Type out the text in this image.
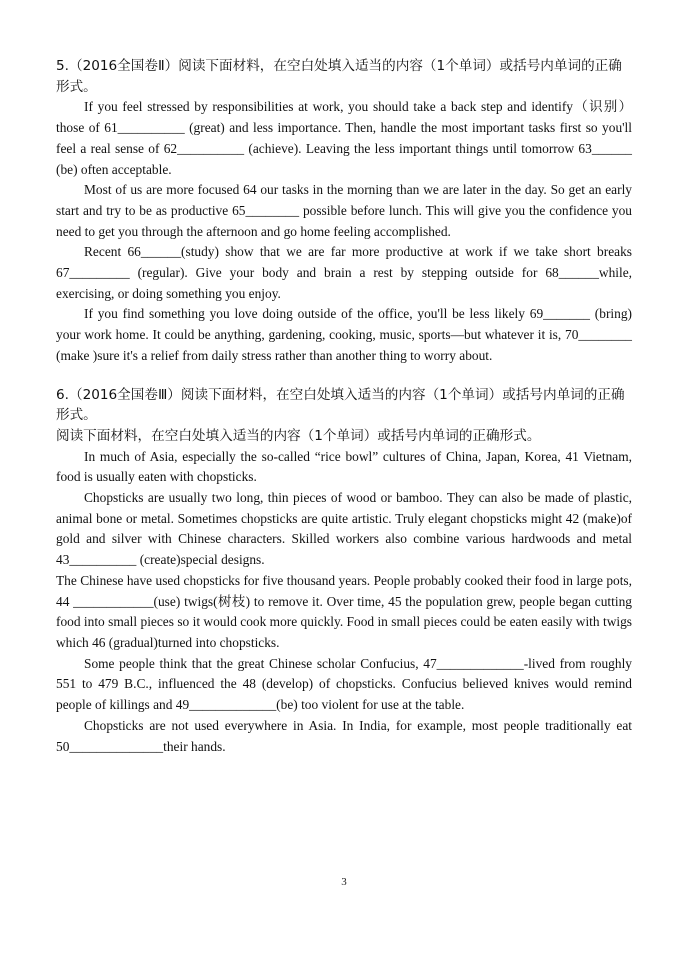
5.（2016全国卷Ⅱ）阅读下面材料，在空白处填入适当的内容（1个单词）或括号内单词的正确形式。

If you feel stressed by responsibilities at work, you should take a back step and identify（识别）those of 61__________ (great) and less importance. Then, handle the most important tasks first so you'll feel a real sense of 62__________ (achieve). Leaving the less important things until tomorrow 63______ (be) often acceptable.

Most of us are more focused 64 our tasks in the morning than we are later in the day. So get an early start and try to be as productive 65________ possible before lunch. This will give you the confidence you need to get you through the afternoon and go home feeling accomplished.

Recent 66______(study) show that we are far more productive at work if we take short breaks 67_________ (regular). Give your body and brain a rest by stepping outside for 68______while, exercising, or doing something you enjoy.

If you find something you love doing outside of the office, you'll be less likely 69_______ (bring) your work home. It could be anything, gardening, cooking, music, sports—but whatever it is, 70________ (make )sure it's a relief from daily stress rather than another thing to worry about.

6.（2016全国卷Ⅲ）阅读下面材料，在空白处填入适当的内容（1个单词）或括号内单词的正确形式。

阅读下面材料，在空白处填入适当的内容（1个单词）或括号内单词的正确形式。

In much of Asia, especially the so-called “rice bowl” cultures of China, Japan, Korea, 41 Vietnam, food is usually eaten with chopsticks.

Chopsticks are usually two long, thin pieces of wood or bamboo. They can also be made of plastic, animal bone or metal. Sometimes chopsticks are quite artistic. Truly elegant chopsticks might 42 (make)of gold and silver with Chinese characters. Skilled workers also combine various hardwoods and metal 43__________ (create)special designs.

The Chinese have used chopsticks for five thousand years. People probably cooked their food in large pots, 44 ____________(use) twigs(树枝) to remove it. Over time, 45 the population grew, people began cutting food into small pieces so it would cook more quickly. Food in small pieces could be eaten easily with twigs which 46 (gradual)turned into chopsticks.

Some people think that the great Chinese scholar Confucius, 47_____________-lived from roughly 551 to 479 B.C., influenced the 48 (develop) of chopsticks. Confucius believed knives would remind people of killings and 49_____________(be) too violent for use at the table.

Chopsticks are not used everywhere in Asia. In India, for example, most people traditionally eat 50______________their hands.

3
